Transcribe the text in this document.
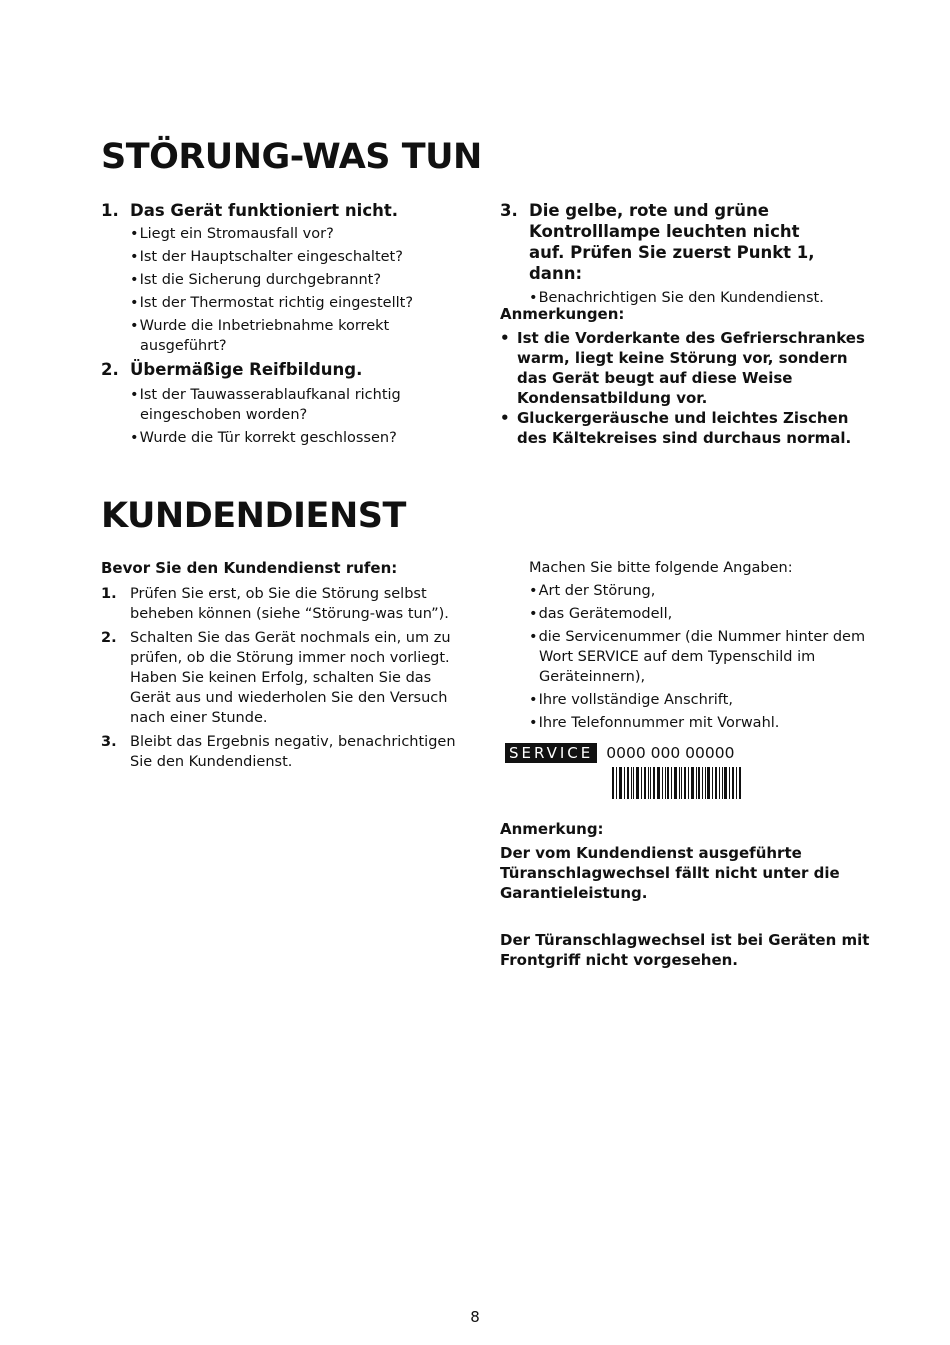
STÖRUNG-WAS TUN
1. Das Gerät funktioniert nicht.
• Liegt ein Stromausfall vor?
• Ist der Hauptschalter eingeschaltet?
• Ist die Sicherung durchgebrannt?
• Ist der Thermostat richtig eingestellt?
• Wurde die Inbetriebnahme korrekt ausgeführt?
2. Übermäßige Reifbildung.
• Ist der Tauwasserablaufkanal richtig eingeschoben worden?
• Wurde die Tür korrekt geschlossen?
3. Die gelbe, rote und grüne Kontrolllampe leuchten nicht auf. Prüfen Sie zuerst Punkt 1, dann:
• Benachrichtigen Sie den Kundendienst.
Anmerkungen:
• Ist die Vorderkante des Gefrierschrankes warm, liegt keine Störung vor, sondern das Gerät beugt auf diese Weise Kondensatbildung vor.
• Gluckergeräusche und leichtes Zischen des Kältekreises sind durchaus normal.
KUNDENDIENST
Bevor Sie den Kundendienst rufen:
1. Prüfen Sie erst, ob Sie die Störung selbst beheben können (siehe “Störung-was tun”).
2. Schalten Sie das Gerät nochmals ein, um zu prüfen, ob die Störung immer noch vorliegt. Haben Sie keinen Erfolg, schalten Sie das Gerät aus und wiederholen Sie den Versuch nach einer Stunde.
3. Bleibt das Ergebnis negativ, benachrichtigen Sie den Kundendienst.
Machen Sie bitte folgende Angaben:
• Art der Störung,
• das Gerätemodell,
• die Servicenummer (die Nummer hinter dem Wort SERVICE auf dem Typenschild im Geräteinnern),
• Ihre vollständige Anschrift,
• Ihre Telefonnummer mit Vorwahl.
SERVICE 0000 000 00000
Anmerkung:
Der vom Kundendienst ausgeführte Türanschlagwechsel fällt nicht unter die Garantieleistung.
Der Türanschlagwechsel ist bei Geräten mit Frontgriff nicht vorgesehen.
8
